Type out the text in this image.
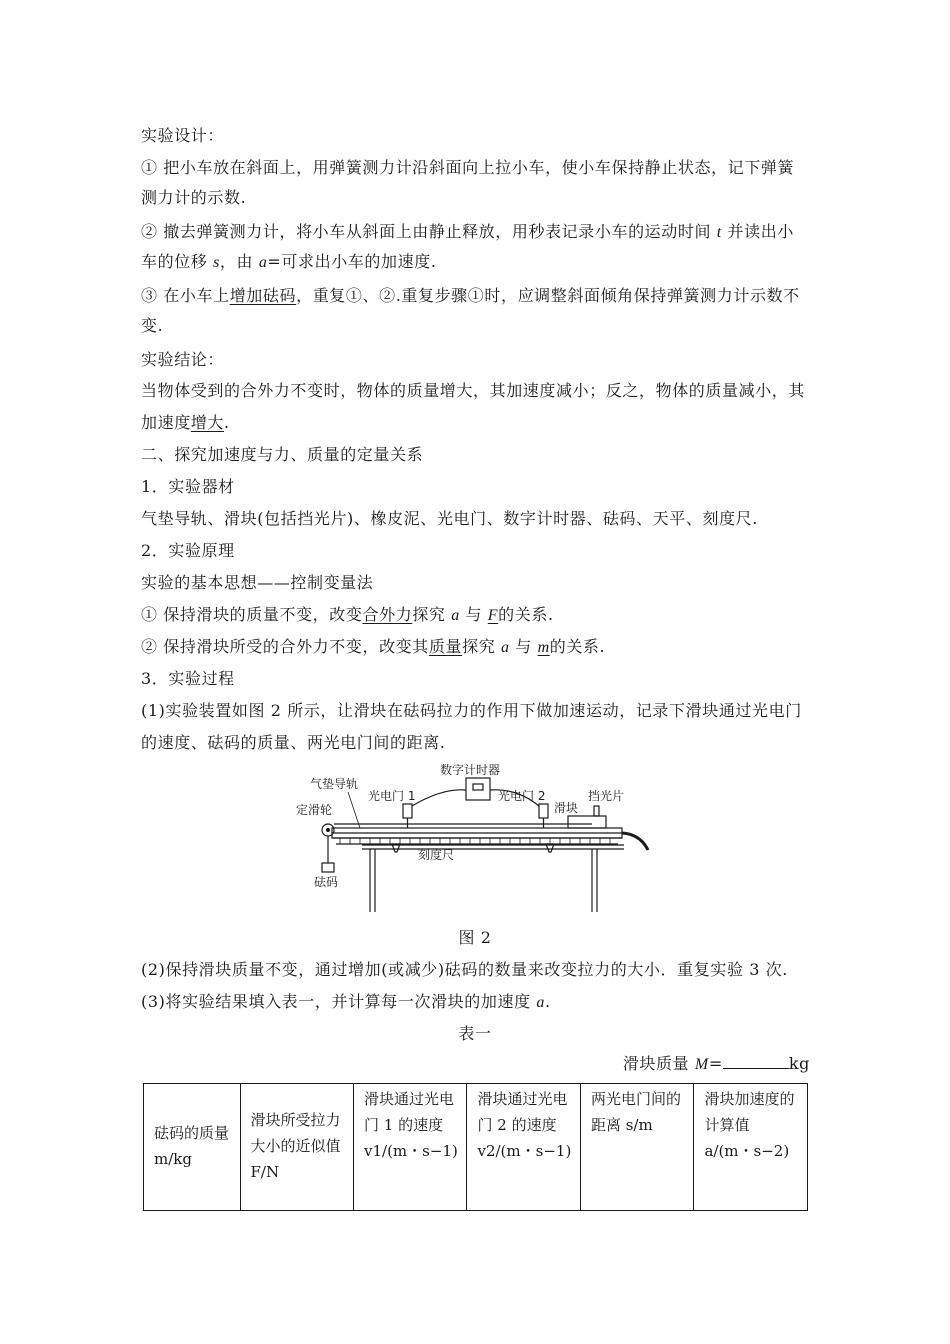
实验设计：
① 把小车放在斜面上，用弹簧测力计沿斜面向上拉小车，使小车保持静止状态，记下弹簧
测力计的示数.
② 撤去弹簧测力计，将小车从斜面上由静止释放，用秒表记录小车的运动时间 t 并读出小
车的位移 s，由 a=可求出小车的加速度.
③ 在小车上增加砝码，重复①、②.重复步骤①时，应调整斜面倾角保持弹簧测力计示数不
变.
实验结论：
当物体受到的合外力不变时，物体的质量增大，其加速度减小；反之，物体的质量减小，其
加速度增大.
二、探究加速度与力、质量的定量关系
1．实验器材
气垫导轨、滑块(包括挡光片)、橡皮泥、光电门、数字计时器、砝码、天平、刻度尺.
2．实验原理
实验的基本思想——控制变量法
① 保持滑块的质量不变，改变合外力探究 a 与 F的关系.
② 保持滑块所受的合外力不变，改变其质量探究 a 与 m的关系.
3．实验过程
(1)实验装置如图 2 所示，让滑块在砝码拉力的作用下做加速运动，记录下滑块通过光电门
的速度、砝码的质量、两光电门间的距离.
数字计时器
气垫导轨
光电门 1	光电门 2	挡光片
定滑轮	滑块
刻度尺
砝码
图 2
(2)保持滑块质量不变，通过增加(或减少)砝码的数量来改变拉力的大小．重复实验 3 次.
(3)将实验结果填入表一，并计算每一次滑块的加速度 a.
表一
滑块质量 M=	kg
砝码的质量 m/kg	滑块所受拉力大小的近似值 F/N	滑块通过光电门 1 的速度 v1/(m・s−1)	滑块通过光电门 2 的速度 v2/(m・s−1)	两光电门间的距离 s/m	滑块加速度的计算值 a/(m・s−2)
